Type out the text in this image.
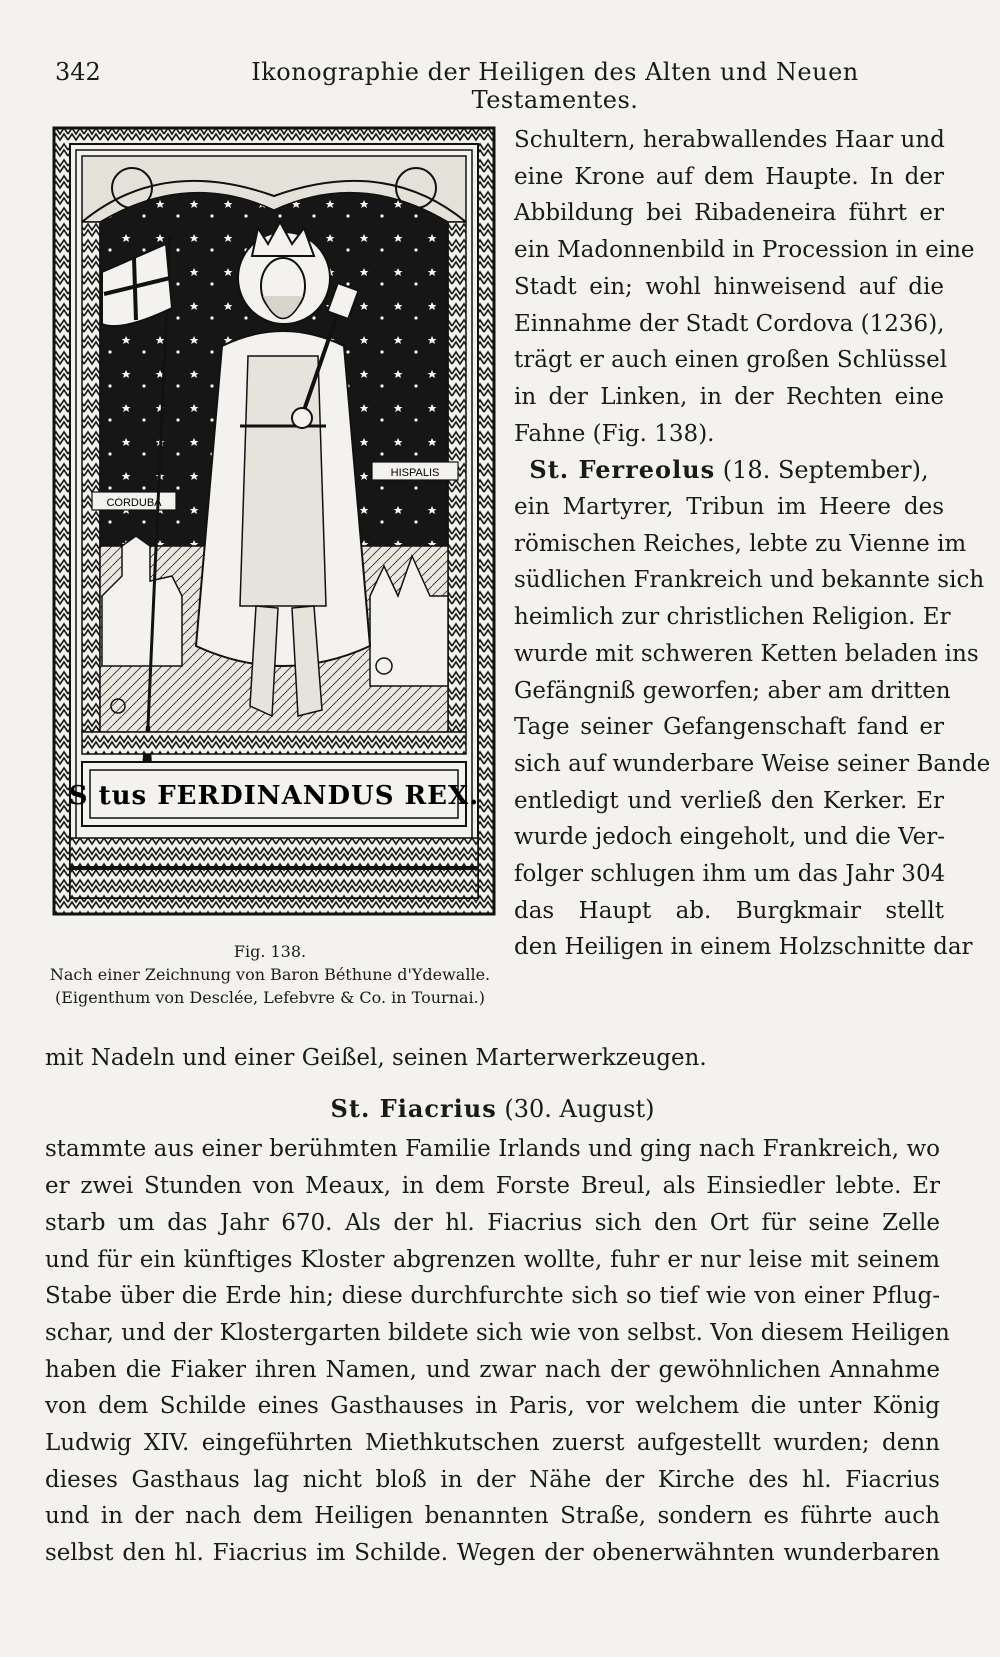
342	Ikonographie der Heiligen des Alten und Neuen Testamentes.
CORDUBA
HISPALIS
S tus FERDINANDUS REX.
Fig. 138.
Nach einer Zeichnung von Baron Béthune d'Ydewalle.
(Eigenthum von Desclée, Lefebvre & Co. in Tournai.)
Schultern, herabwallendes Haar und
eine Krone auf dem Haupte. In der
Abbildung bei Ribadeneira führt er
ein Madonnenbild in Procession in eine
Stadt ein; wohl hinweisend auf die
Einnahme der Stadt Cordova (1236),
trägt er auch einen großen Schlüssel
in der Linken, in der Rechten eine
Fahne (Fig. 138).
St. Ferreolus (18. September),
ein Martyrer, Tribun im Heere des
römischen Reiches, lebte zu Vienne im
südlichen Frankreich und bekannte sich
heimlich zur christlichen Religion. Er
wurde mit schweren Ketten beladen ins
Gefängniß geworfen; aber am dritten
Tage seiner Gefangenschaft fand er
sich auf wunderbare Weise seiner Bande
entledigt und verließ den Kerker. Er
wurde jedoch eingeholt, und die Ver-
folger schlugen ihm um das Jahr 304
das Haupt ab. Burgkmair stellt
den Heiligen in einem Holzschnitte dar
mit Nadeln und einer Geißel, seinen Marterwerkzeugen.
St. Fiacrius (30. August)
stammte aus einer berühmten Familie Irlands und ging nach Frankreich, wo
er zwei Stunden von Meaux, in dem Forste Breul, als Einsiedler lebte. Er
starb um das Jahr 670. Als der hl. Fiacrius sich den Ort für seine Zelle
und für ein künftiges Kloster abgrenzen wollte, fuhr er nur leise mit seinem
Stabe über die Erde hin; diese durchfurchte sich so tief wie von einer Pflug-
schar, und der Klostergarten bildete sich wie von selbst. Von diesem Heiligen
haben die Fiaker ihren Namen, und zwar nach der gewöhnlichen Annahme
von dem Schilde eines Gasthauses in Paris, vor welchem die unter König
Ludwig XIV. eingeführten Miethkutschen zuerst aufgestellt wurden; denn
dieses Gasthaus lag nicht bloß in der Nähe der Kirche des hl. Fiacrius
und in der nach dem Heiligen benannten Straße, sondern es führte auch
selbst den hl. Fiacrius im Schilde. Wegen der obenerwähnten wunderbaren
